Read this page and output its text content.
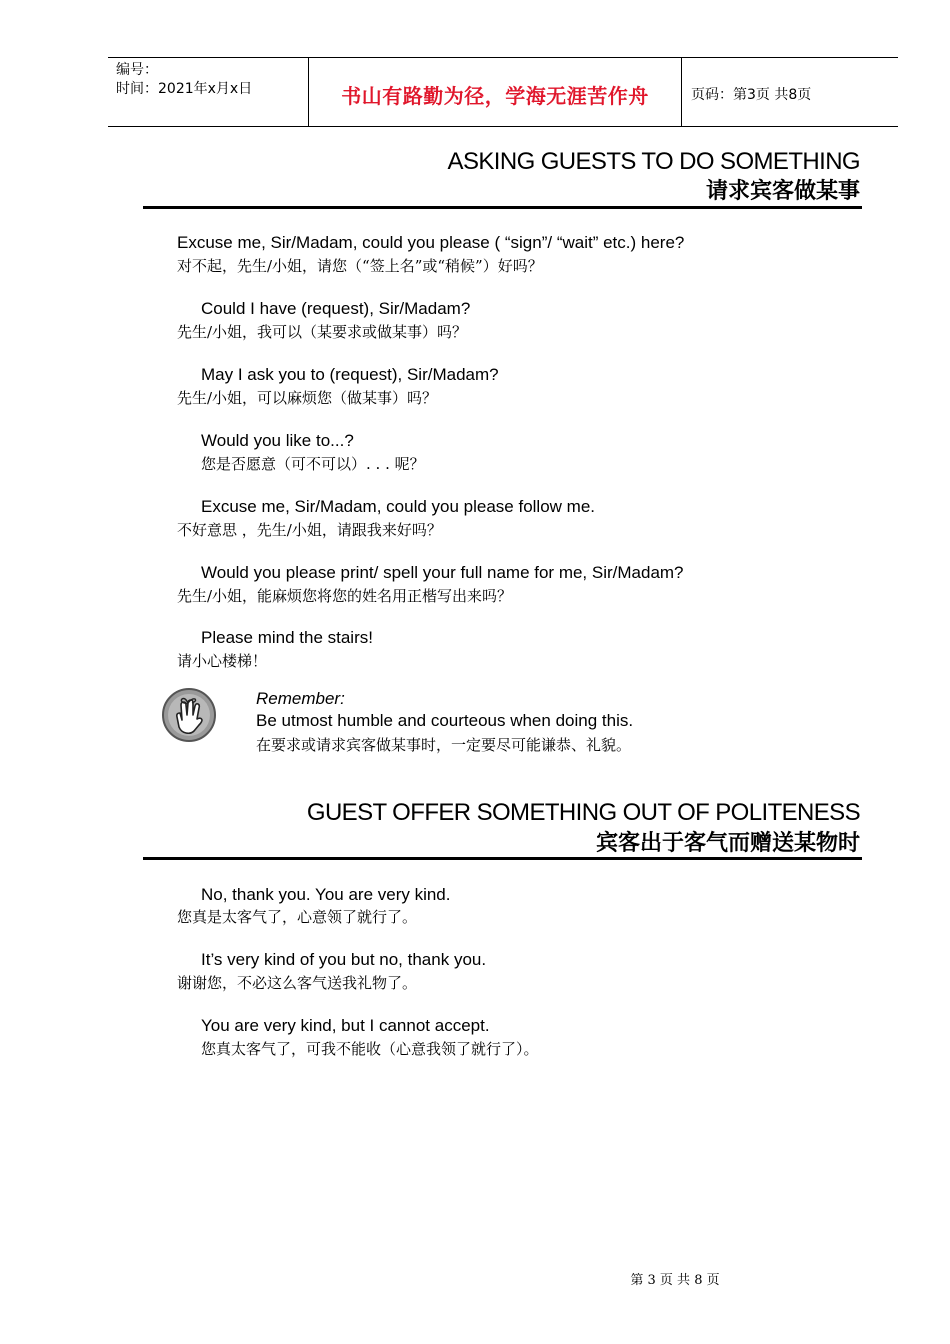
编号：
时间：2021年x月x日	书山有路勤为径，学海无涯苦作舟	页码：第3页 共8页
ASKING GUESTS TO DO SOMETHING
请求宾客做某事
Excuse me, Sir/Madam, could you please ( “sign”/ “wait” etc.) here?
对不起，先生/小姐，请您（“签上名”或“稍候”）好吗？
Could I have (request), Sir/Madam?
先生/小姐，我可以（某要求或做某事）吗？
May I ask you to (request), Sir/Madam?
先生/小姐，可以麻烦您（做某事）吗？
Would you like to...?
您是否愿意（可不可以）. . . 呢？
Excuse me, Sir/Madam, could you please follow me.
不好意思 ，先生/小姐，请跟我来好吗？
Would you please print/ spell your full name for me, Sir/Madam?
先生/小姐，能麻烦您将您的姓名用正楷写出来吗？
Please mind the stairs!
请小心楼梯！
Remember:
Be utmost humble and courteous when doing this.
在要求或请求宾客做某事时，一定要尽可能谦恭、礼貌。
GUEST OFFER SOMETHING OUT OF POLITENESS
宾客出于客气而赠送某物时
No, thank you. You are very kind.
您真是太客气了，心意领了就行了。
It’s very kind of you but no, thank you.
谢谢您，不必这么客气送我礼物了。
You are very kind, but I cannot accept.
您真太客气了，可我不能收（心意我领了就行了）。
第 3 页 共 8 页
